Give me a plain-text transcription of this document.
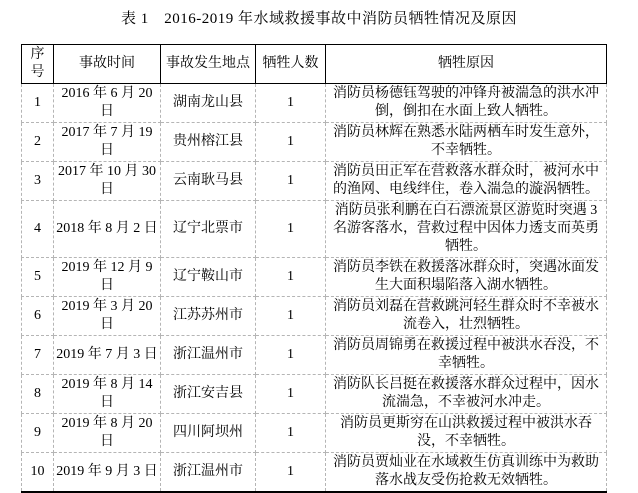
表 1　2016-2019 年水域救援事故中消防员牺牲情况及原因
序号	事故时间	事故发生地点	牺牲人数	牺牲原因
1	2016 年 6 月 20 日	湖南龙山县	1	消防员杨德钰驾驶的冲锋舟被湍急的洪水冲倒，倒扣在水面上致人牺牲。
2	2017 年 7 月 19 日	贵州榕江县	1	消防员林辉在熟悉水陆两栖车时发生意外，不幸牺牲。
3	2017 年 10 月 30 日	云南耿马县	1	消防员田正军在营救落水群众时，被河水中的渔网、电线绊住，卷入湍急的漩涡牺牲。
4	2018 年 8 月 2 日	辽宁北票市	1	消防员张利鹏在白石漂流景区游览时突遇 3 名游客落水，营救过程中因体力透支而英勇牺牲。
5	2019 年 12 月 9 日	辽宁鞍山市	1	消防员李铁在救援落冰群众时，突遇冰面发生大面积塌陷落入湖水牺牲。
6	2019 年 3 月 20 日	江苏苏州市	1	消防员刘磊在营救跳河轻生群众时不幸被水流卷入，壮烈牺牲。
7	2019 年 7 月 3 日	浙江温州市	1	消防员周锦勇在救援过程中被洪水吞没，不幸牺牲。
8	2019 年 8 月 14 日	浙江安吉县	1	消防队长吕挺在救援落水群众过程中，因水流湍急，不幸被河水冲走。
9	2019 年 8 月 20 日	四川阿坝州	1	消防员更斯穷在山洪救援过程中被洪水吞没，不幸牺牲。
10	2019 年 9 月 3 日	浙江温州市	1	消防员贾灿业在水域救生仿真训练中为救助落水战友受伤抢救无效牺牲。
